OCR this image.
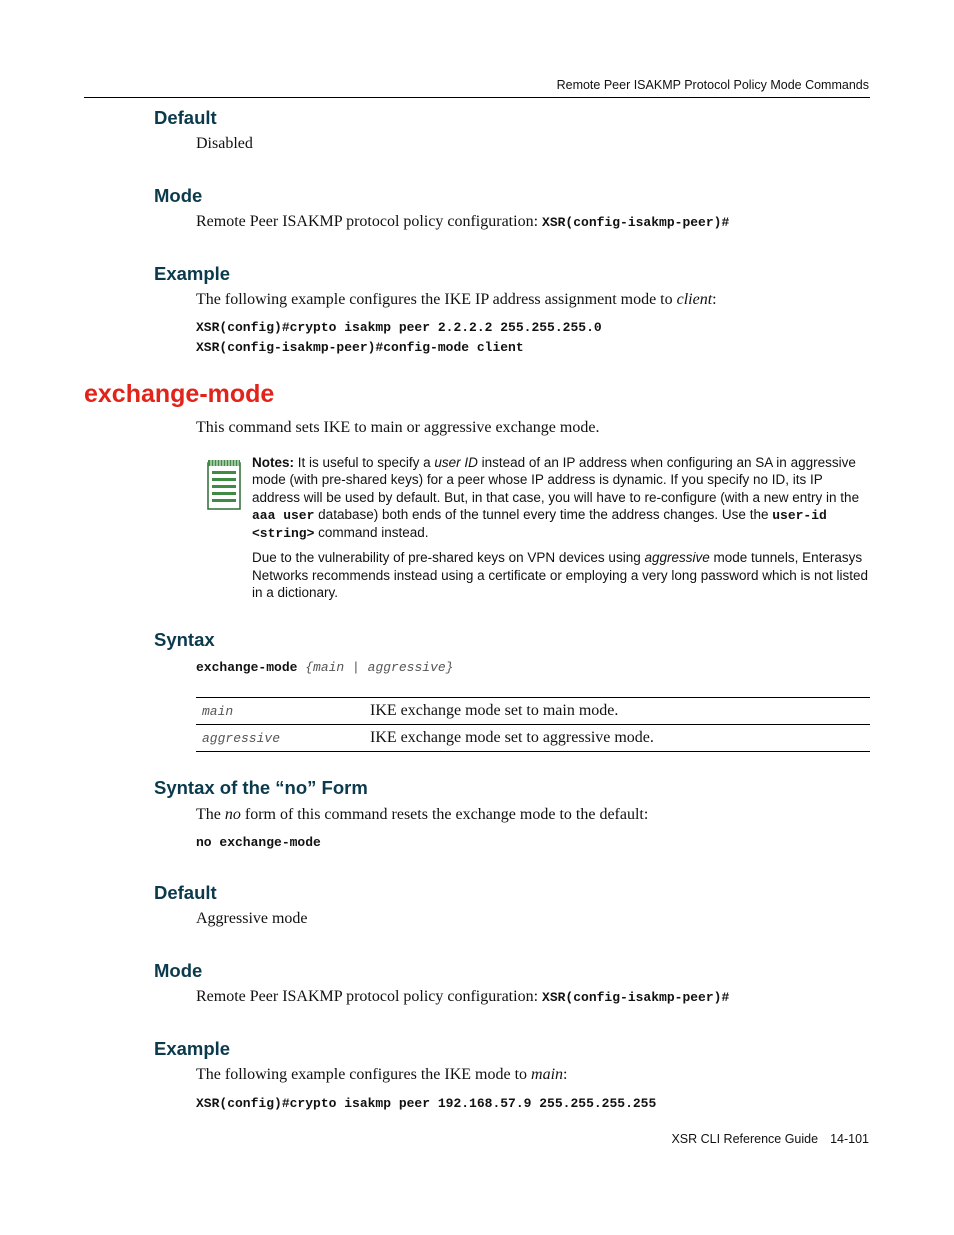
Remote Peer ISAKMP Protocol Policy Mode Commands
Default
Disabled
Mode
Remote Peer ISAKMP protocol policy configuration: XSR(config-isakmp-peer)#
Example
The following example configures the IKE IP address assignment mode to client:
XSR(config)#crypto isakmp peer 2.2.2.2 255.255.255.0
XSR(config-isakmp-peer)#config-mode client
exchange-mode
This command sets IKE to main or aggressive exchange mode.

Notes: It is useful to specify a user ID instead of an IP address when configuring an SA in aggressive mode (with pre-shared keys) for a peer whose IP address is dynamic. If you specify no ID, its IP address will be used by default. But, in that case, you will have to re-configure (with a new entry in the aaa user database) both ends of the tunnel every time the address changes. Use the user-id <string> command instead.

Due to the vulnerability of pre-shared keys on VPN devices using aggressive mode tunnels, Enterasys Networks recommends instead using a certificate or employing a very long password which is not listed in a dictionary.

Syntax
exchange-mode {main | aggressive}
main	IKE exchange mode set to main mode.
aggressive	IKE exchange mode set to aggressive mode.
Syntax of the “no” Form
The no form of this command resets the exchange mode to the default:
no exchange-mode
Default
Aggressive mode
Mode
Remote Peer ISAKMP protocol policy configuration: XSR(config-isakmp-peer)#
Example
The following example configures the IKE mode to main:
XSR(config)#crypto isakmp peer 192.168.57.9 255.255.255.255
XSR CLI Reference Guide 14-101
